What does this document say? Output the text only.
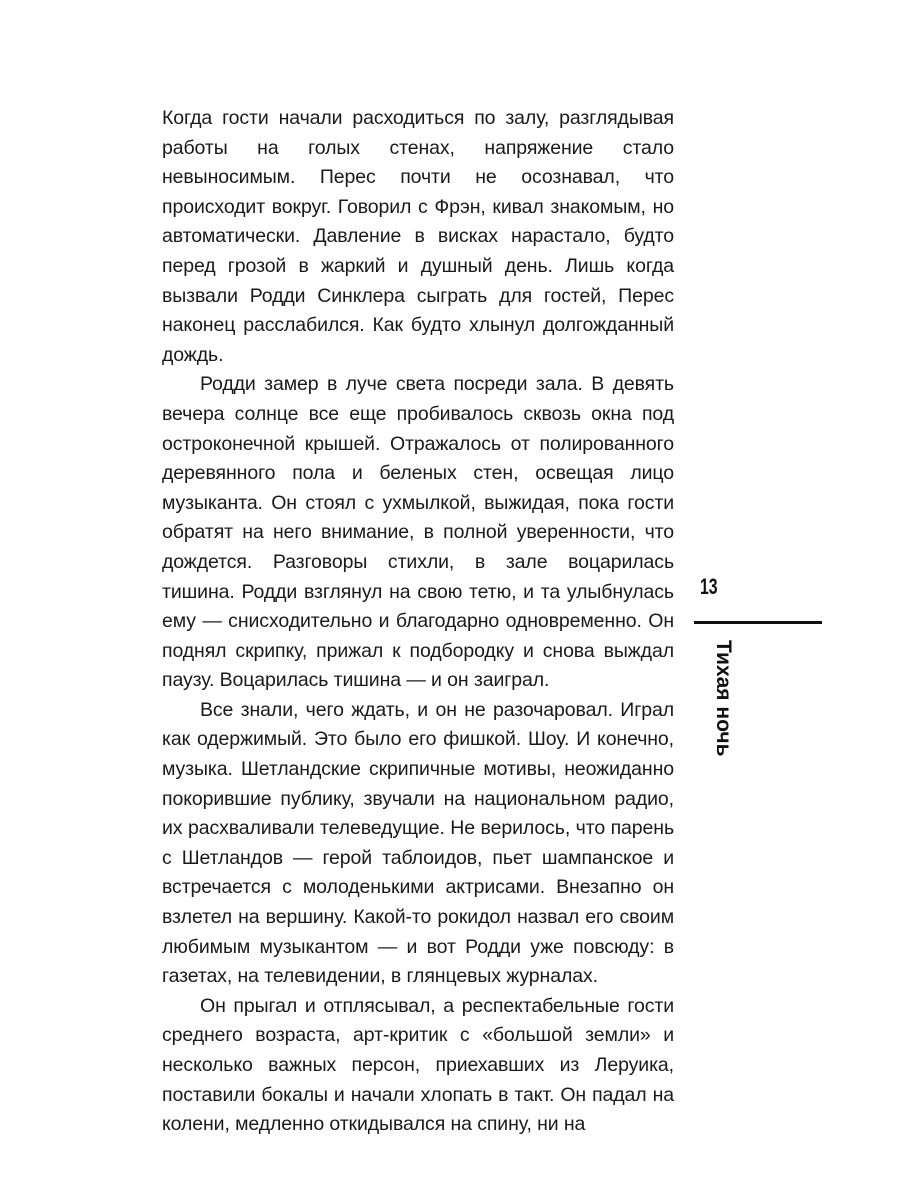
Когда гости начали расходиться по залу, разглядывая работы на голых стенах, напряжение стало невыносимым. Перес почти не осознавал, что происходит вокруг. Говорил с Фрэн, кивал знакомым, но автоматически. Давление в висках нарастало, будто перед грозой в жаркий и душный день. Лишь когда вызвали Родди Синклера сыграть для гостей, Перес наконец расслабился. Как будто хлынул долгожданный дождь.

Родди замер в луче света посреди зала. В девять вечера солнце все еще пробивалось сквозь окна под остроконечной крышей. Отражалось от полированного деревянного пола и беленых стен, освещая лицо музыканта. Он стоял с ухмылкой, выжидая, пока гости обратят на него внимание, в полной уверенности, что дождется. Разговоры стихли, в зале воцарилась тишина. Родди взглянул на свою тетю, и та улыбнулась ему — снисходительно и благодарно одновременно. Он поднял скрипку, прижал к подбородку и снова выждал паузу. Воцарилась тишина — и он заиграл.

Все знали, чего ждать, и он не разочаровал. Играл как одержимый. Это было его фишкой. Шоу. И конечно, музыка. Шетландские скрипичные мотивы, неожиданно покорившие публику, звучали на национальном радио, их расхваливали телеведущие. Не верилось, что парень с Шетландов — герой таблоидов, пьет шампанское и встречается с молоденькими актрисами. Внезапно он взлетел на вершину. Какой-то рокидол назвал его своим любимым музыкантом — и вот Родди уже повсюду: в газетах, на телевидении, в глянцевых журналах.

Он прыгал и отплясывал, а респектабельные гости среднего возраста, арт-критик с «большой земли» и несколько важных персон, приехавших из Леруика, поставили бокалы и начали хлопать в такт. Он падал на колени, медленно откидывался на спину, ни на

13
Тихая ночь
